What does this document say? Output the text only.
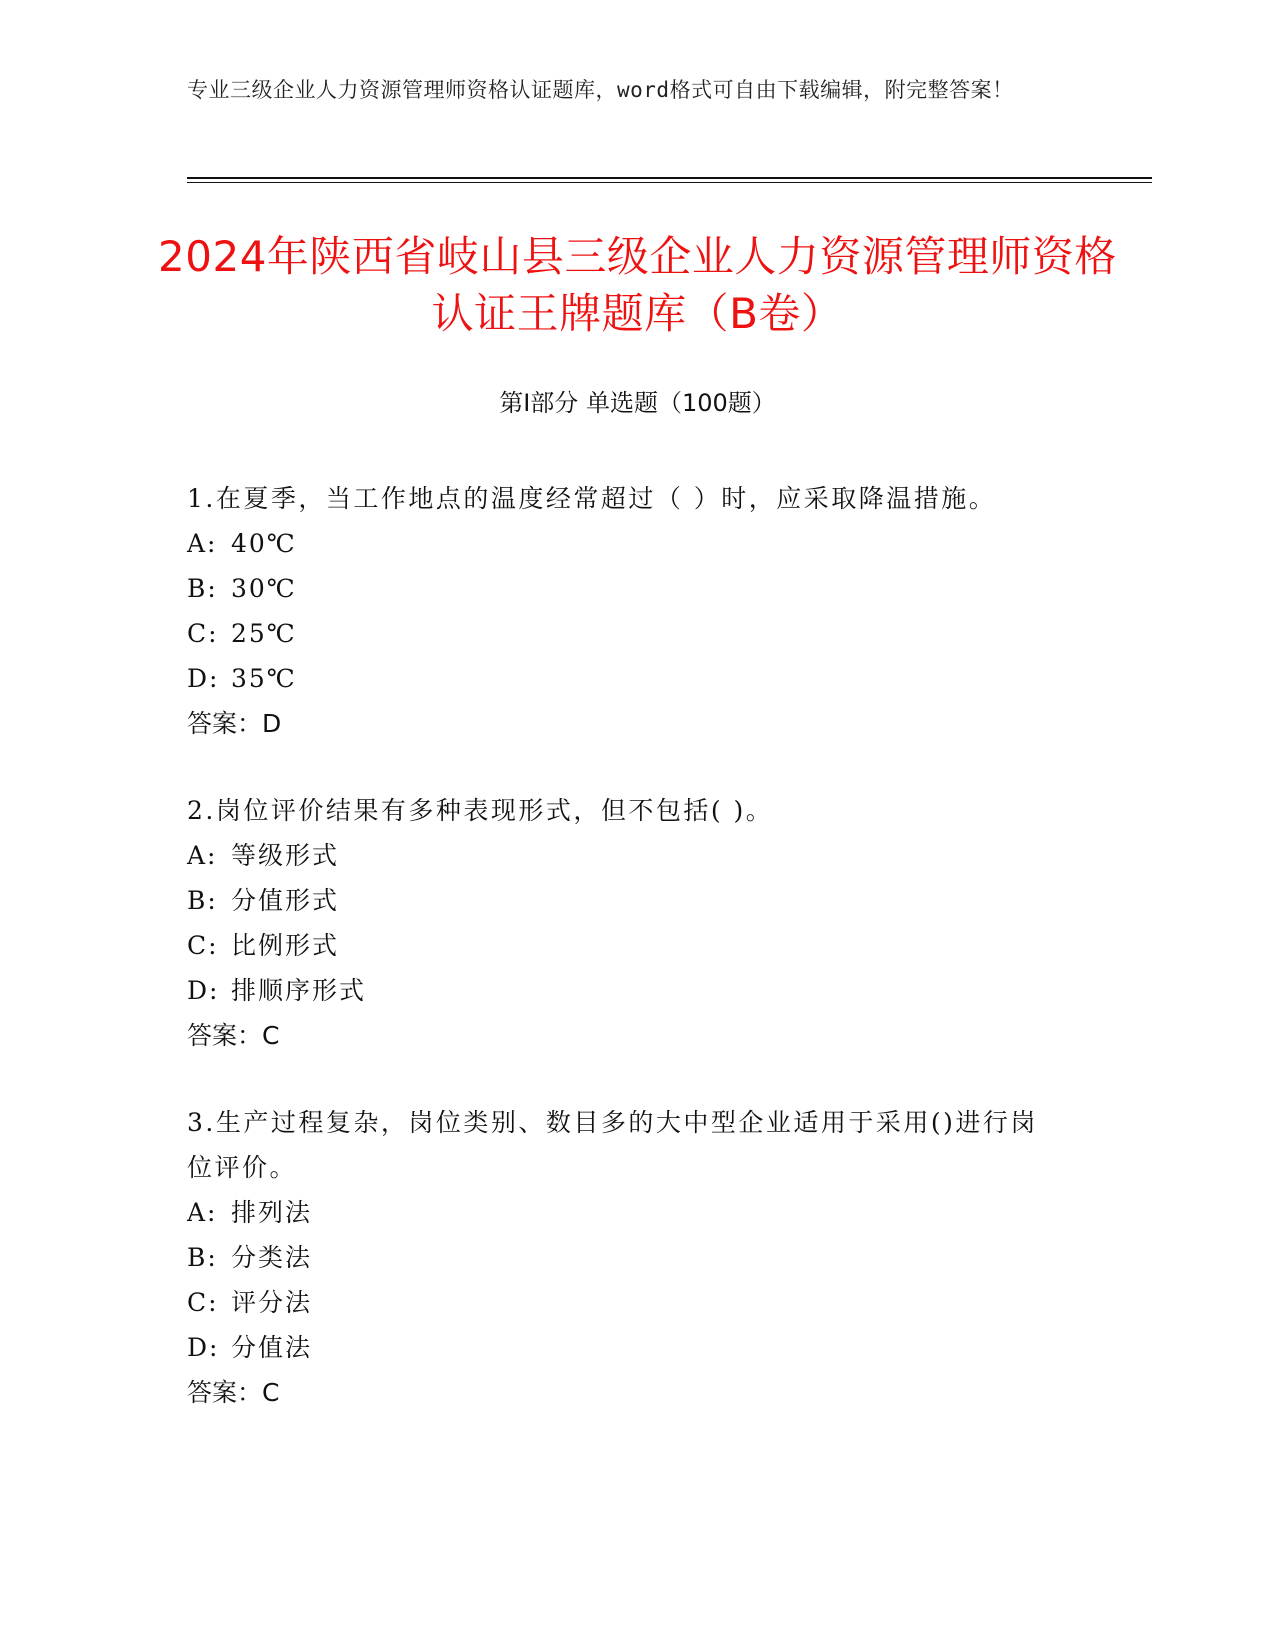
专业三级企业人力资源管理师资格认证题库，word格式可自由下载编辑，附完整答案！
2024年陕西省岐山县三级企业人力资源管理师资格认证王牌题库（B卷）
第Ⅰ部分 单选题（100题）
1.在夏季，当工作地点的温度经常超过（ ）时，应采取降温措施。
A: 40℃
B: 30℃
C: 25℃
D: 35℃
答案：D
2.岗位评价结果有多种表现形式，但不包括( )。
A: 等级形式
B: 分值形式
C: 比例形式
D: 排顺序形式
答案：C
3.生产过程复杂，岗位类别、数目多的大中型企业适用于采用()进行岗位评价。
A: 排列法
B: 分类法
C: 评分法
D: 分值法
答案：C
